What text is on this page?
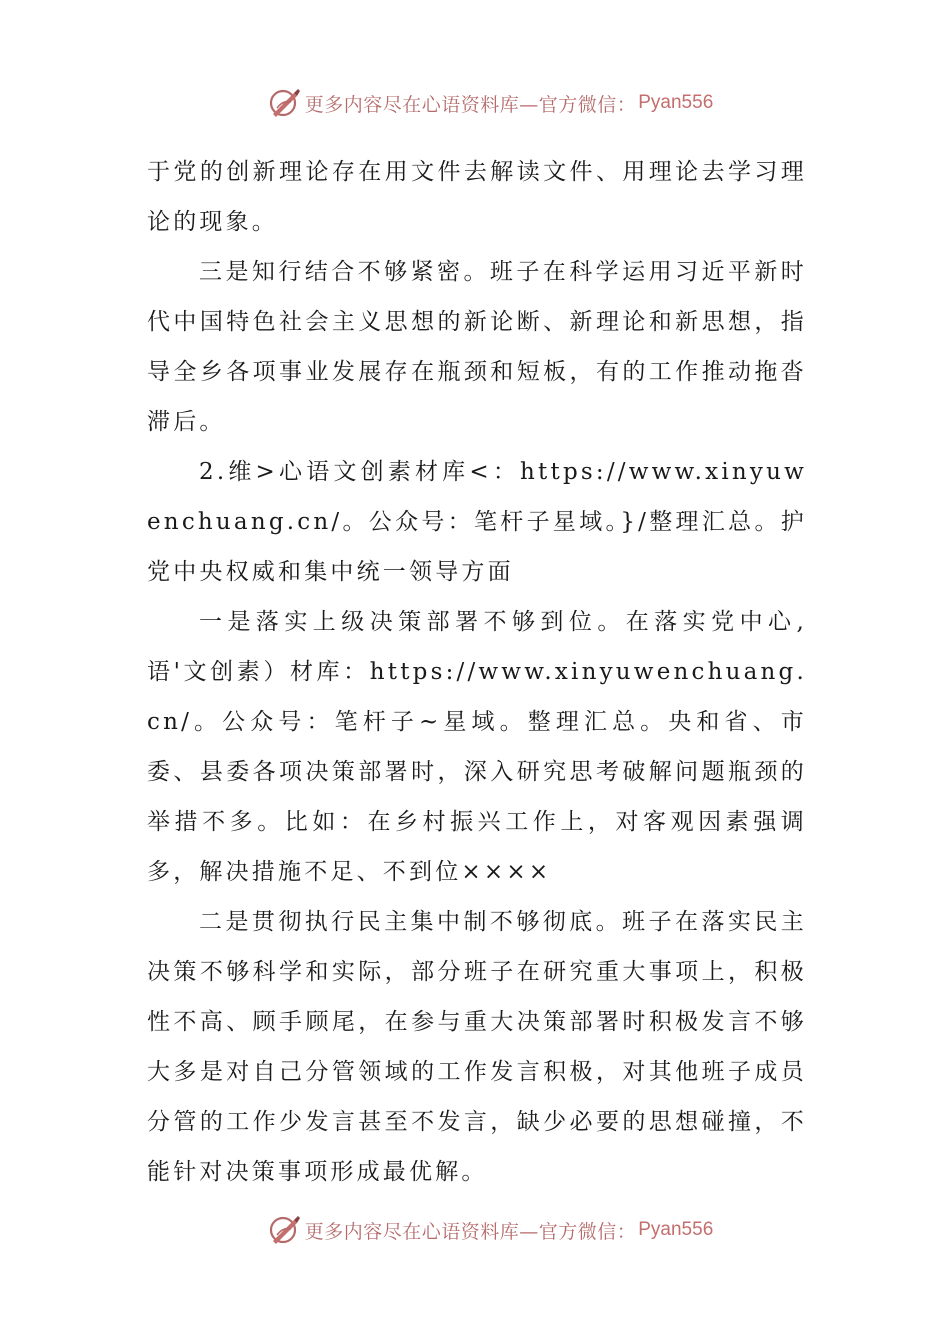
更多内容尽在心语资料库—官方微信： Pyan556

于党的创新理论存在用文件去解读文件、用理论去学习理论的现象。

三是知行结合不够紧密。班子在科学运用习近平新时代中国特色社会主义思想的新论断、新理论和新思想，指导全乡各项事业发展存在瓶颈和短板，有的工作推动拖沓滞后。

2.维>心语文创素材库<：https://www.xinyuwenchuang.cn/。公众号：笔杆子星域。}/整理汇总。护党中央权威和集中统一领导方面

一是落实上级决策部署不够到位。在落实党中心,语'文创素）材库：https://www.xinyuwenchuang.cn/。公众号：笔杆子~星域。整理汇总。央和省、市委、县委各项决策部署时，深入研究思考破解问题瓶颈的举措不多。比如：在乡村振兴工作上，对客观因素强调多，解决措施不足、不到位××××

二是贯彻执行民主集中制不够彻底。班子在落实民主决策不够科学和实际，部分班子在研究重大事项上，积极性不高、顾手顾尾，在参与重大决策部署时积极发言不够大多是对自己分管领域的工作发言积极，对其他班子成员分管的工作少发言甚至不发言，缺少必要的思想碰撞，不能针对决策事项形成最优解。

更多内容尽在心语资料库—官方微信： Pyan556
